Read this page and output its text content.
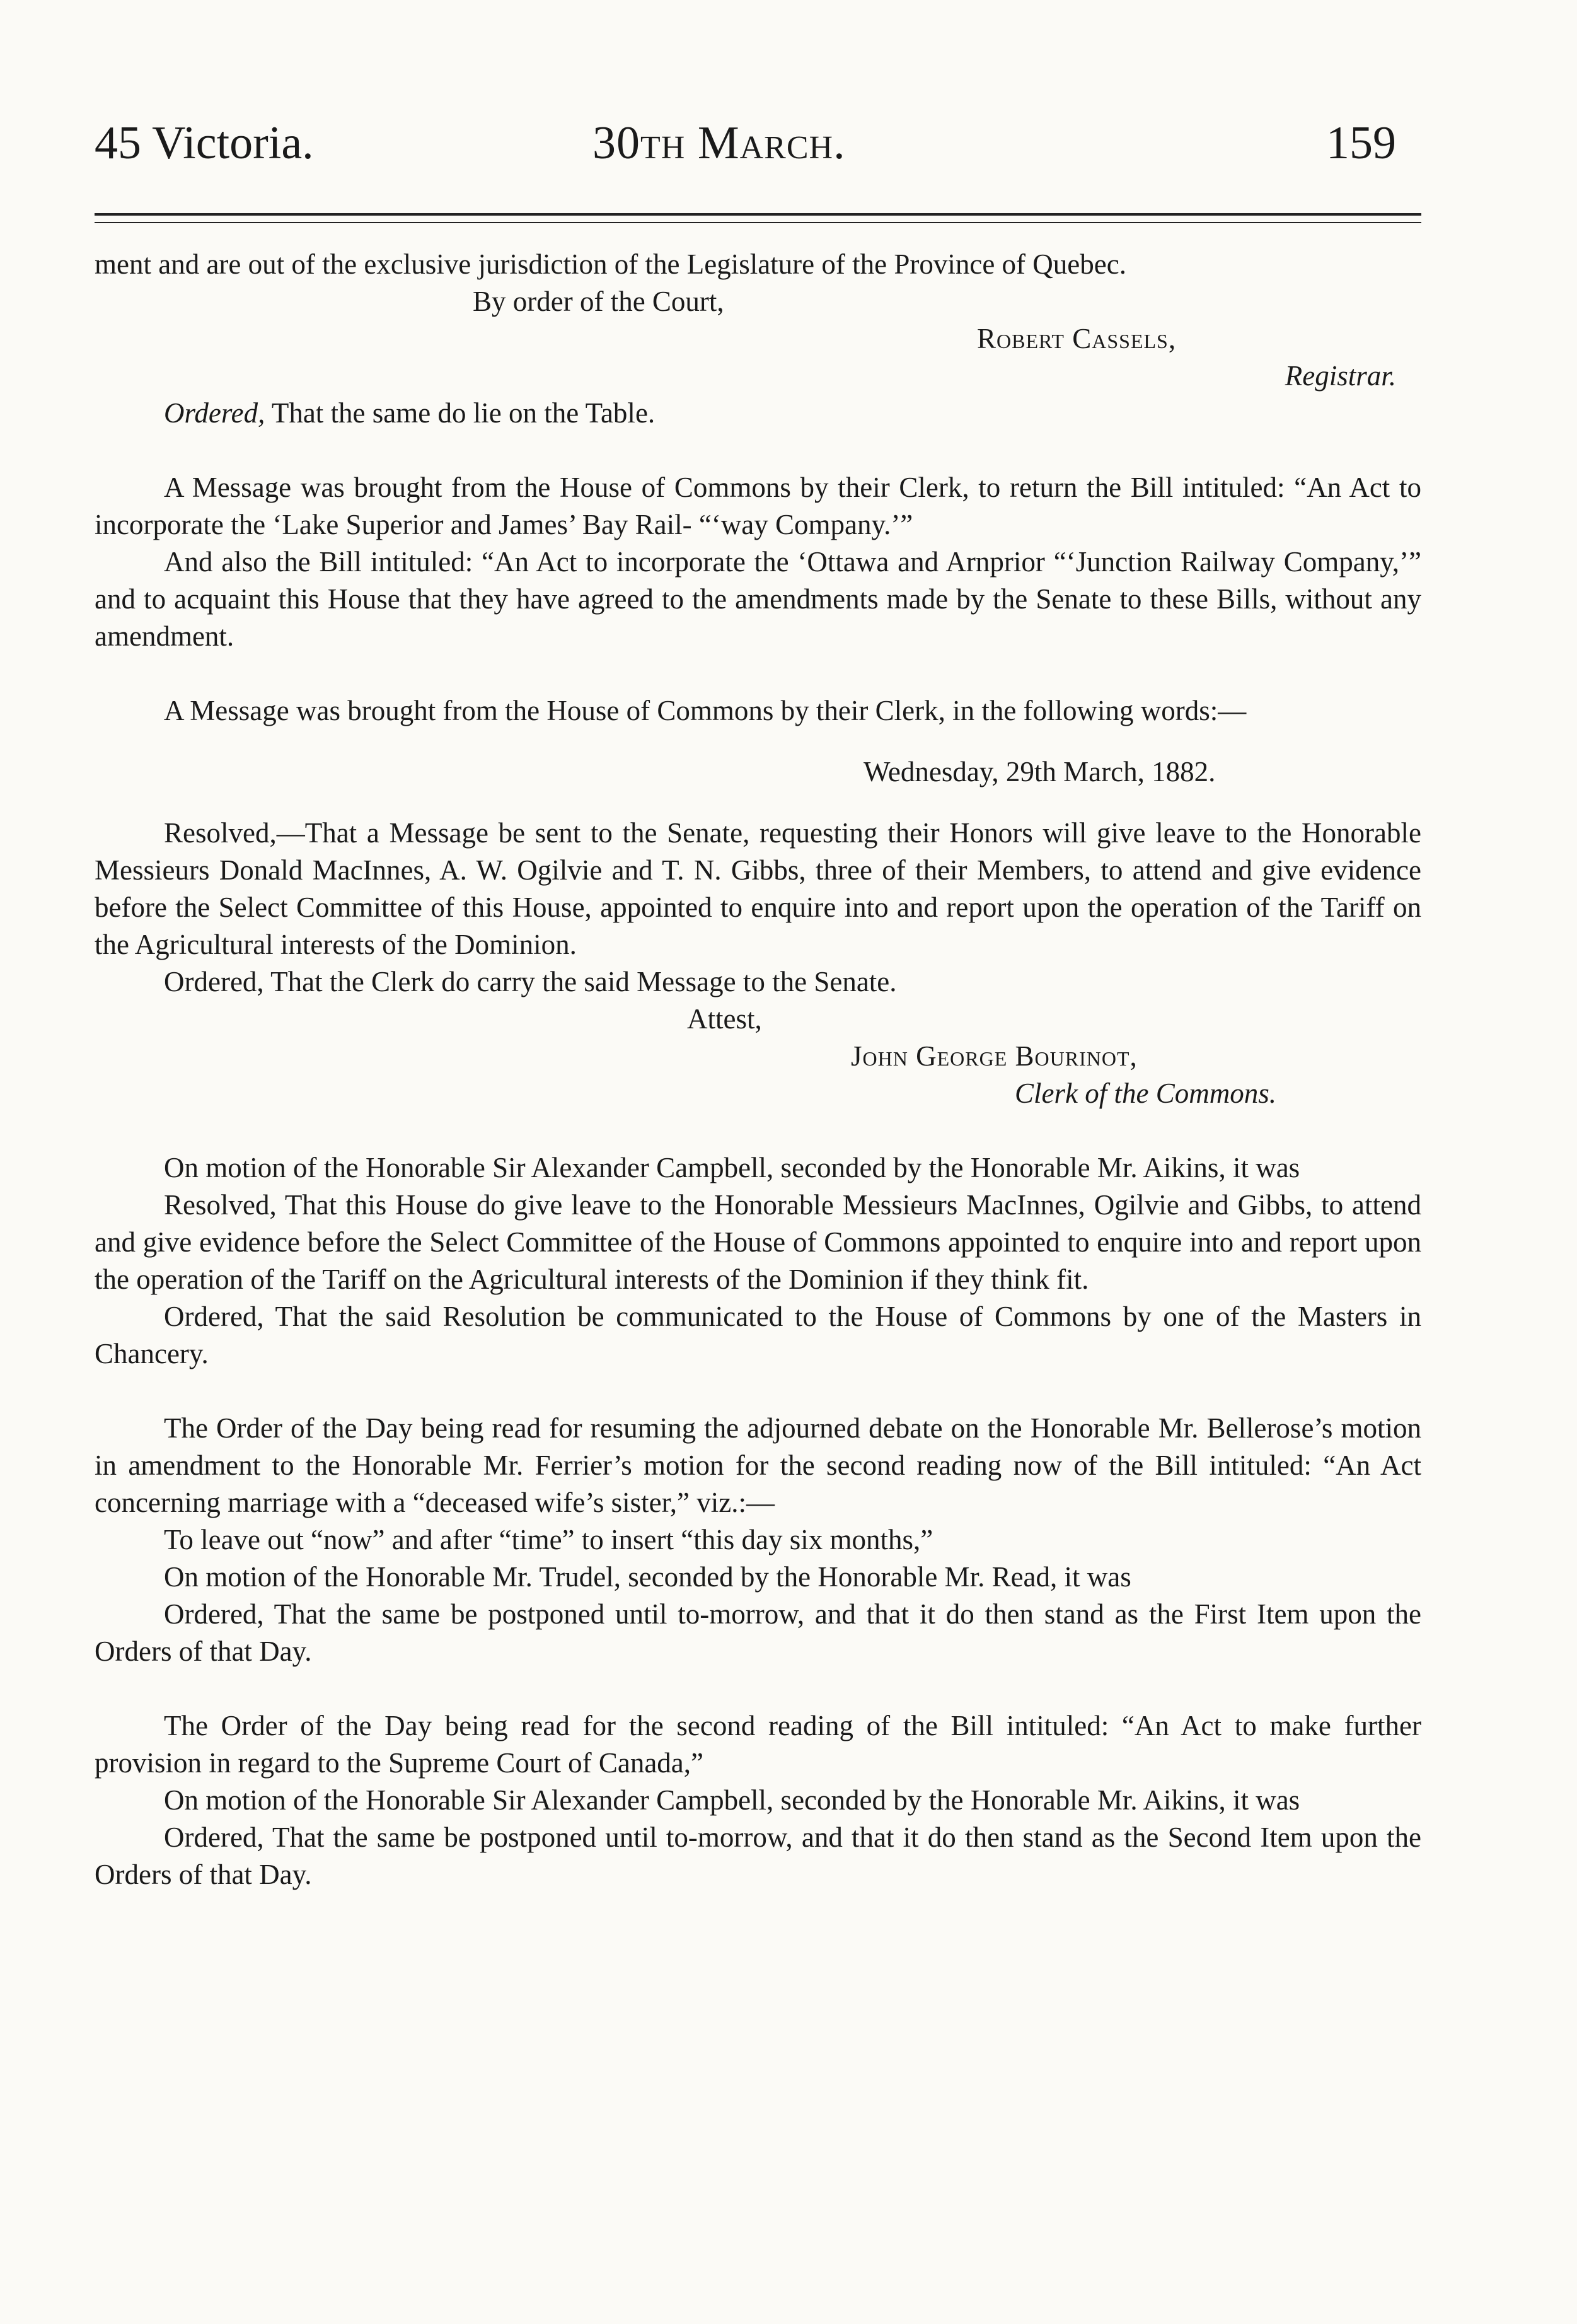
45 Victoria.	30th March.	159

ment and are out of the exclusive jurisdiction of the Legislature of the Province of Quebec.

By order of the Court,

Robert Cassels,

Registrar.

Ordered, That the same do lie on the Table.

A Message was brought from the House of Commons by their Clerk, to return the Bill intituled: “An Act to incorporate the ‘Lake Superior and James’ Bay Rail- “‘way Company.’”

And also the Bill intituled: “An Act to incorporate the ‘Ottawa and Arnprior “‘Junction Railway Company,’” and to acquaint this House that they have agreed to the amendments made by the Senate to these Bills, without any amendment.

A Message was brought from the House of Commons by their Clerk, in the following words:—

Wednesday, 29th March, 1882.

Resolved,—That a Message be sent to the Senate, requesting their Honors will give leave to the Honorable Messieurs Donald MacInnes, A. W. Ogilvie and T. N. Gibbs, three of their Members, to attend and give evidence before the Select Committee of this House, appointed to enquire into and report upon the operation of the Tariff on the Agricultural interests of the Dominion.

Ordered, That the Clerk do carry the said Message to the Senate.

Attest,

John George Bourinot,

Clerk of the Commons.

On motion of the Honorable Sir Alexander Campbell, seconded by the Honorable Mr. Aikins, it was

Resolved, That this House do give leave to the Honorable Messieurs MacInnes, Ogilvie and Gibbs, to attend and give evidence before the Select Committee of the House of Commons appointed to enquire into and report upon the operation of the Tariff on the Agricultural interests of the Dominion if they think fit.

Ordered, That the said Resolution be communicated to the House of Commons by one of the Masters in Chancery.

The Order of the Day being read for resuming the adjourned debate on the Honorable Mr. Bellerose’s motion in amendment to the Honorable Mr. Ferrier’s motion for the second reading now of the Bill intituled: “An Act concerning marriage with a “deceased wife’s sister,” viz.:—

To leave out “now” and after “time” to insert “this day six months,”

On motion of the Honorable Mr. Trudel, seconded by the Honorable Mr. Read, it was

Ordered, That the same be postponed until to-morrow, and that it do then stand as the First Item upon the Orders of that Day.

The Order of the Day being read for the second reading of the Bill intituled: “An Act to make further provision in regard to the Supreme Court of Canada,”

On motion of the Honorable Sir Alexander Campbell, seconded by the Honorable Mr. Aikins, it was

Ordered, That the same be postponed until to-morrow, and that it do then stand as the Second Item upon the Orders of that Day.
